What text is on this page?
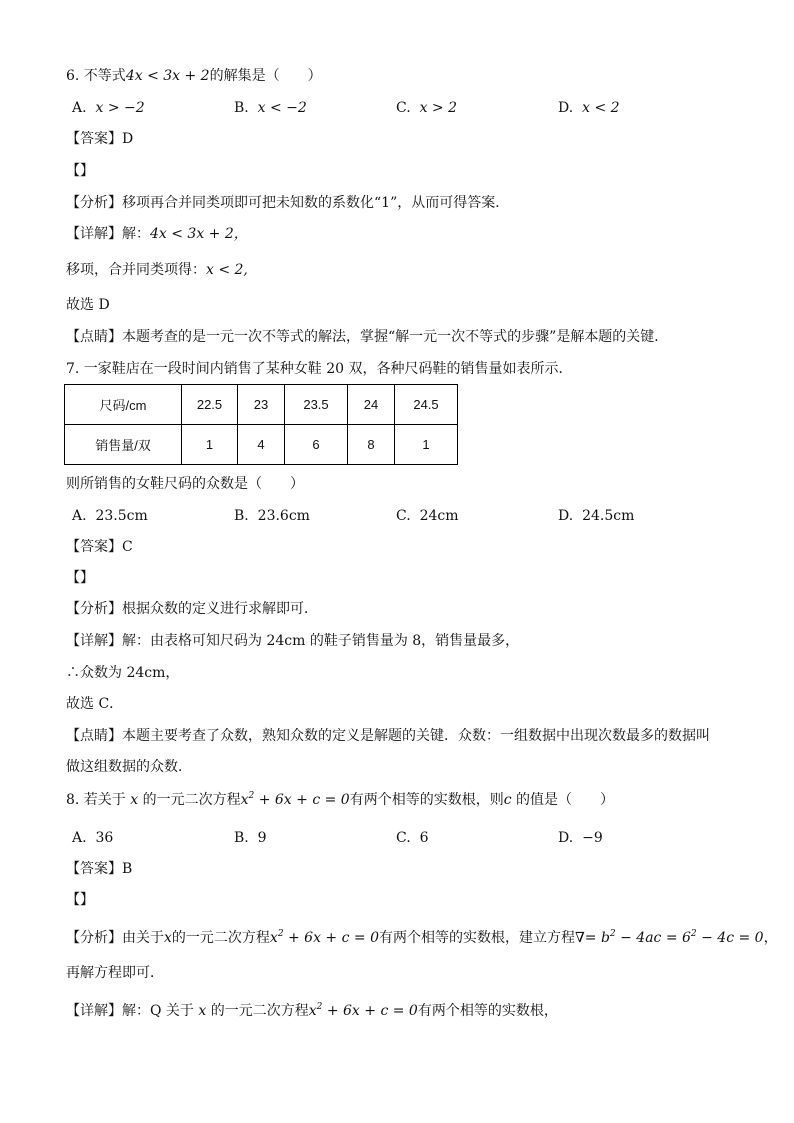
6. 不等式4x < 3x + 2的解集是（　　）
A. x > −2	B. x < −2	C. x > 2	D. x < 2
【答案】D
【】
【分析】移项再合并同类项即可把未知数的系数化“1”，从而可得答案．
【详解】解：4x < 3x + 2，
移项，合并同类项得：x < 2,
故选 D
【点睛】本题考查的是一元一次不等式的解法，掌握“解一元一次不等式的步骤”是解本题的关键．
7. 一家鞋店在一段时间内销售了某种女鞋 20 双，各种尺码鞋的销售量如表所示．
尺码/cm	22.5	23	23.5	24	24.5
销售量/双	1	4	6	8	1
则所销售的女鞋尺码的众数是（　　）
A. 23.5cm	B. 23.6cm	C. 24cm	D. 24.5cm
【答案】C
【】
【分析】根据众数的定义进行求解即可．
【详解】解：由表格可知尺码为 24cm 的鞋子销售量为 8，销售量最多，
∴众数为 24cm，
故选 C．
【点睛】本题主要考查了众数，熟知众数的定义是解题的关键．众数：一组数据中出现次数最多的数据叫
做这组数据的众数．
8. 若关于 x 的一元二次方程$x^2 + 6x + c = 0$有两个相等的实数根，则c 的值是（　　）
A. 36	B. 9	C. 6	D. −9
【答案】B
【】
【分析】由关于x的一元二次方程$x^2 + 6x + c = 0$有两个相等的实数根，建立方程∇= $b^2 - 4ac = 6^2 - 4c = 0$，
再解方程即可．
【详解】解：Q 关于 x 的一元二次方程$x^2 + 6x + c = 0$有两个相等的实数根，
